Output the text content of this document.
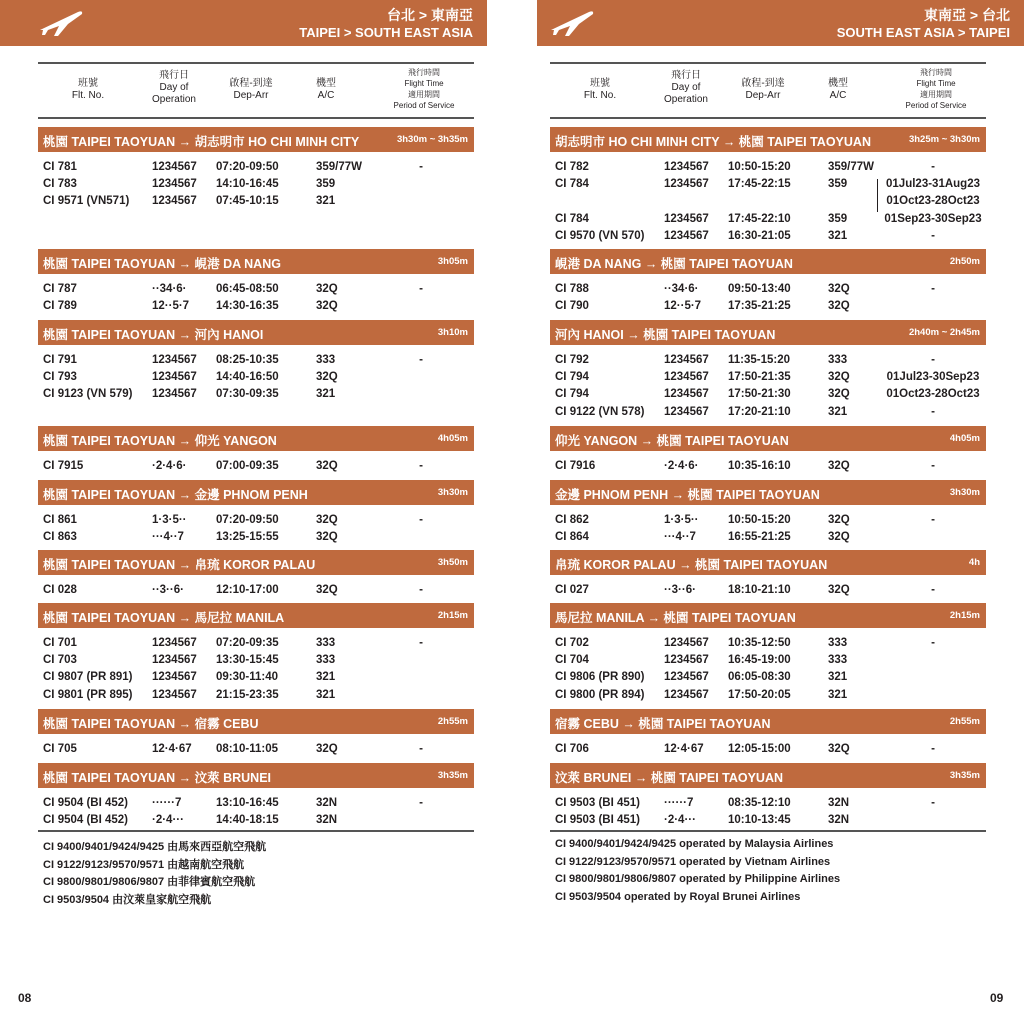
台北 > 東南亞
TAIPEI > SOUTH EAST ASIA
東南亞 > 台北
SOUTH EAST ASIA > TAIPEI
班號
Flt. No.
飛行日
Day of
Operation
啟程-到達
Dep-Arr
機型
A/C
飛行時間
Flight Time
適用期間
Period of Service
桃園 TAIPEI TAOYUAN → 胡志明市 HO CHI MINH CITY	3h30m ~ 3h35m
CI 781	1234567 07:20-09:50	359/77W	-
CI 783	1234567 14:10-16:45	359
CI 9571 (VN571) 1234567 07:45-10:15	321
桃園 TAIPEI TAOYUAN → 峴港 DA NANG	3h05m
CI 787	··34·6·	06:45-08:50	32Q	-
CI 789	12··5·7 14:30-16:35	32Q
桃園 TAIPEI TAOYUAN → 河內 HANOI	3h10m
CI 791	1234567 08:25-10:35	333	-
CI 793	1234567 14:40-16:50	32Q
CI 9123 (VN 579) 1234567 07:30-09:35	321
桃園 TAIPEI TAOYUAN → 仰光 YANGON	4h05m
CI 7915	·2·4·6·	07:00-09:35	32Q	-
桃園 TAIPEI TAOYUAN → 金邊 PHNOM PENH	3h30m
CI 861	1·3·5··	07:20-09:50	32Q	-
CI 863	···4··7	13:25-15:55	32Q
桃園 TAIPEI TAOYUAN → 帛琉 KOROR PALAU	3h50m
CI 028	··3··6·	12:10-17:00	32Q	-
桃園 TAIPEI TAOYUAN → 馬尼拉 MANILA	2h15m
CI 701	1234567 07:20-09:35	333	-
CI 703	1234567 13:30-15:45	333
CI 9807 (PR 891) 1234567 09:30-11:40	321
CI 9801 (PR 895) 1234567 21:15-23:35	321
桃園 TAIPEI TAOYUAN → 宿霧 CEBU	2h55m
CI 705	12·4·67 08:10-11:05	32Q	-
桃園 TAIPEI TAOYUAN → 汶萊 BRUNEI	3h35m
CI 9504 (BI 452) ······7	13:10-16:45	32N	-
CI 9504 (BI 452) ·2·4···	14:40-18:15	32N
CI 9400/9401/9424/9425 由馬來西亞航空飛航
CI 9122/9123/9570/9571 由越南航空飛航
CI 9800/9801/9806/9807 由菲律賓航空飛航
CI 9503/9504 由汶萊皇家航空飛航
08
班號
Flt. No.
飛行日
Day of
Operation
啟程-到達
Dep-Arr
機型
A/C
飛行時間
Flight Time
適用期間
Period of Service
胡志明市 HO CHI MINH CITY → 桃園 TAIPEI TAOYUAN	3h25m ~ 3h30m
CI 782	1234567 10:50-15:20	359/77W	-
CI 784	1234567 17:45-22:15	359	01Jul23-31Aug23
01Oct23-28Oct23
CI 784	1234567 17:45-22:10	359	01Sep23-30Sep23
CI 9570 (VN 570) 1234567 16:30-21:05	321	-
峴港 DA NANG → 桃園 TAIPEI TAOYUAN	2h50m
CI 788	··34·6·	09:50-13:40	32Q	-
CI 790	12··5·7 17:35-21:25	32Q
河內 HANOI → 桃園 TAIPEI TAOYUAN	2h40m ~ 2h45m
CI 792	1234567 11:35-15:20	333	-
CI 794	1234567 17:50-21:35	32Q	01Jul23-30Sep23
CI 794	1234567 17:50-21:30	32Q	01Oct23-28Oct23
CI 9122 (VN 578) 1234567 17:20-21:10	321	-
仰光 YANGON → 桃園 TAIPEI TAOYUAN	4h05m
CI 7916	·2·4·6·	10:35-16:10	32Q	-
金邊 PHNOM PENH → 桃園 TAIPEI TAOYUAN	3h30m
CI 862	1·3·5··	10:50-15:20	32Q	-
CI 864	···4··7	16:55-21:25	32Q
帛琉 KOROR PALAU → 桃園 TAIPEI TAOYUAN	4h
CI 027	··3··6·	18:10-21:10	32Q	-
馬尼拉 MANILA → 桃園 TAIPEI TAOYUAN	2h15m
CI 702	1234567 10:35-12:50	333	-
CI 704	1234567 16:45-19:00	333
CI 9806 (PR 890) 1234567 06:05-08:30	321
CI 9800 (PR 894) 1234567 17:50-20:05	321
宿霧 CEBU → 桃園 TAIPEI TAOYUAN	2h55m
CI 706	12·4·67 12:05-15:00	32Q	-
汶萊 BRUNEI → 桃園 TAIPEI TAOYUAN	3h35m
CI 9503 (BI 451) ······7	08:35-12:10	32N	-
CI 9503 (BI 451) ·2·4···	10:10-13:45	32N
CI 9400/9401/9424/9425 operated by Malaysia Airlines
CI 9122/9123/9570/9571 operated by Vietnam Airlines
CI 9800/9801/9806/9807 operated by Philippine Airlines
CI 9503/9504 operated by Royal Brunei Airlines
09
